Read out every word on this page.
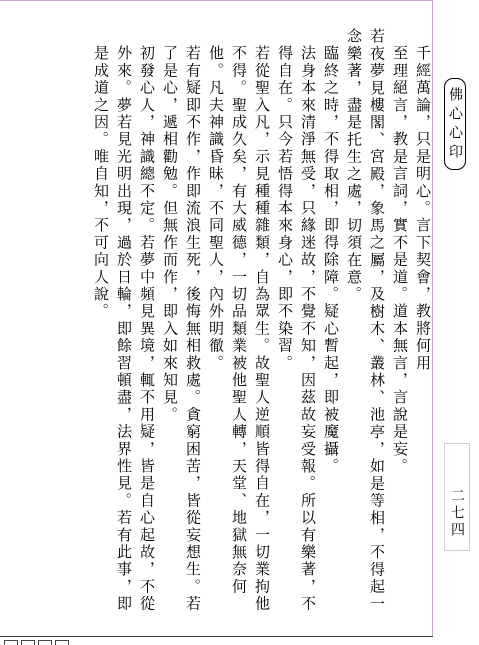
千經萬論，只是明心。言下契會，教將何用

至理絕言，教是言詞，實不是道。道本無言，言說是妄。

若夜夢見樓閣、宮殿，象馬之屬，及樹木、叢林、池亭，如是等相，不得起一念樂著，盡是托生之處，切須在意。

臨終之時，不得取相，即得除障。疑心暫起，即被魔攝。

法身本來清淨無受，只緣迷故，不覺不知，因茲故妄受報。所以有樂著，不得自在。只今若悟得本來身心，即不染習。

若從聖入凡，示見種種雜類，自為眾生。故聖人逆順皆得自在，一切業拘他不得。聖成久矣，有大威德，一切品類業被他聖人轉，天堂、地獄無奈何他。凡夫神識昏昧，不同聖人，內外明徹。

若有疑即不作，作即流浪生死，後悔無相救處。貪窮困苦，皆從妄想生。若了是心，遞相勸勉。但無作而作，即入如來知見。

初發心人，神識總不定。若夢中頻見異境，輒不用疑，皆是自心起故，不從外來。夢若見光明出現，過於日輪，即餘習頓盡，法界性見。若有此事，即是成道之因。唯自知，不可向人說。	佛心心印
二七四
